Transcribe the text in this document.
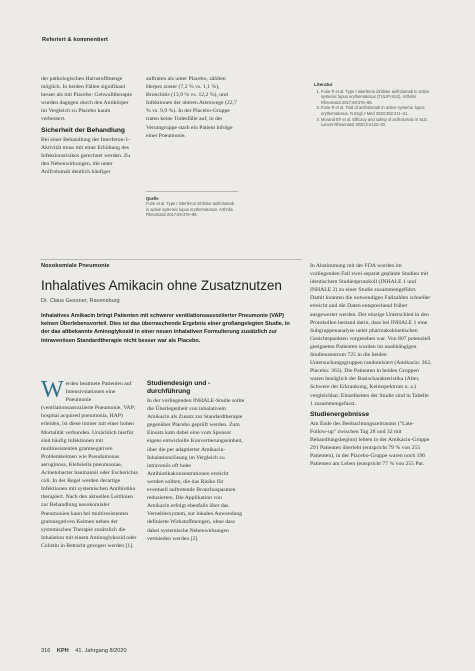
Referiert & kommentiert

der pathologischen Harnstoffmenge möglich. In beiden Fällen signifikant besser als mit Placebo: Gehwalltherapie wurden dagegen durch den Antikörper im Vergleich zu Placebo kaum verbessert.

Sicherheit der Behandlung

Bei einer Behandlung der Interferon-1-Aktivität muss mit einer Erhöhung des Infektionsrisikos gerechnet werden. Zu den Nebenwirkungen, die unter Anifrolumab deutlich häufiger

auftraten als unter Placebo, zählten Herpes zoster (7,2 % vs. 1,1 %), Bronchitis (13,9 % vs. 12,2 %), und Infektionen der oberen Atemwege (22,7 % vs. 9,9 %). In der Placebo-Gruppe traten keine Todesfälle auf, in der Verumgruppe starb ein Patient infolge einer Pneumonie.

Quelle
Furie et al. Type I interferon inhibitor anifrolumab in active systemic lupus erythematosus. Arthritis Rheumatol 2017;69:376–86.
Literatur
1. Furie R et al. Type I interferon inhibitor anifrolumab in active systemic lupus erythematosus (TULIP-SLE). Arthritis Rheumatol 2017;69:376–86.
2. Furie R et al. Trial of anifrolumab in active systemic lupus erythematosus. N Engl J Med 2020;382:211–21.
3. Morand EF et al. Efficacy and safety of anifrolumab in SLE. Lancet Rheumatol 2020;2:e122–30.
Nosokomiale Pneumonie
Inhalatives Amikacin ohne Zusatznutzen
Dr. Claus Gessner, Ravensburg
Inhalatives Amikacin bringt Patienten mit schwerer ventilationsassoziierter Pneumonie (VAP) keinen Überlebensvorteil. Dies ist das überraschende Ergebnis einer großangelegten Studie, in der das altbekannte Aminoglykosid in einer neuen inhalativen Formulierung zusätzlich zur intravenösen Standardtherapie nicht besser war als Placebo.

Werden beatmete Patienten auf Intensivstationen eine Pneumonie (ventilationsassoziierte Pneumonie, VAP; hospital acquired pneumonia, HAP) erleiden, ist diese immer mit einer hohen Mortalität verbunden. Ursächlich hierfür sind häufig Infektionen mit multiresistenten gramnegativen Problemkeimen wie Pseudomonas aeruginosa, Klebsiella pneumoniae, Acinetobacter baumannii oder Escherichia coli. In der Regel werden derartige Infektionen mit systemischen Antibiotika therapiert. Nach den aktuellen Leitlinien zur Behandlung nosokomialer Pneumonien kann bei multiresistenten gramnegativen Keimen neben der systemischen Therapie zusätzlich die Inhalation mit einem Aminoglykosid oder Colistin in Betracht gezogen werden [1].

Studiendesign und -durchführung

In der vorliegenden INHALE-Studie sollte die Überlegenheit von inhalativem Amikacin als Zusatz zur Standardtherapie gegenüber Placebo geprüft werden. Zum Einsatz kam dabei eine vom Sponsor eigens entwickelte Konvertierungseinheit, über die per adaptierter Amikacin-Inhalationslösung im Vergleich zu intravenös oft hohe Antibiotikakonzentrationen erreicht werden sollten, die das Risiko für eventuell auftretende Bronchospasmen reduzierten. Die Applikation von Amikacin erfolgt ebenfalls über das Verneblersystem, zur lokalen Anwendung definierte Wirkstoffmengen, ohne dass dabei systemische Nebenwirkungen vermieden werden [2].

In Abstimmung mit der FDA wurden im vorliegenden Fall zwei separat geplante Studien mit identischem Studienprotokoll (INHALE 1 und INHALE 2) zu einer Studie zusammengeführt. Damit konnten die notwendigen Fallzahlen schneller erreicht und die Daten entsprechend früher ausgewertet werden. Der einzige Unterschied in den Protokollen bestand darin, dass bei INHALE 1 eine Subgruppenanalyse unter pharmakokinetischen Gesichtspunkten vorgesehen war. Von 807 potenziell geeigneten Patienten wurden im unabhängigen Studienzentrum 725 in die beiden Untersuchungsgruppen randomisiert (Amikacin: 362, Placebo: 363). Die Patienten in beiden Gruppen waren bezüglich der Basischarakteristika (Alter, Schwere der Erkrankung, Keimspektrum u. a.) vergleichbar. Einzelheiten der Studie sind in Tabelle 1 zusammengefasst.

Studienergebnisse

Am Ende des Beobachtungszeitraums ("Late-Follow-up" zwischen Tag 28 und 32 mit Behandlungsbeginn) lebten in der Amikacin-Gruppe 291 Patienten überlebt (entspricht 79 % von 255 Patienten), in der Placebo-Gruppe waren noch 196 Patienten am Leben (entspricht 77 % von 255 Pat.

316 KPH 41. Jahrgang 8/2020
